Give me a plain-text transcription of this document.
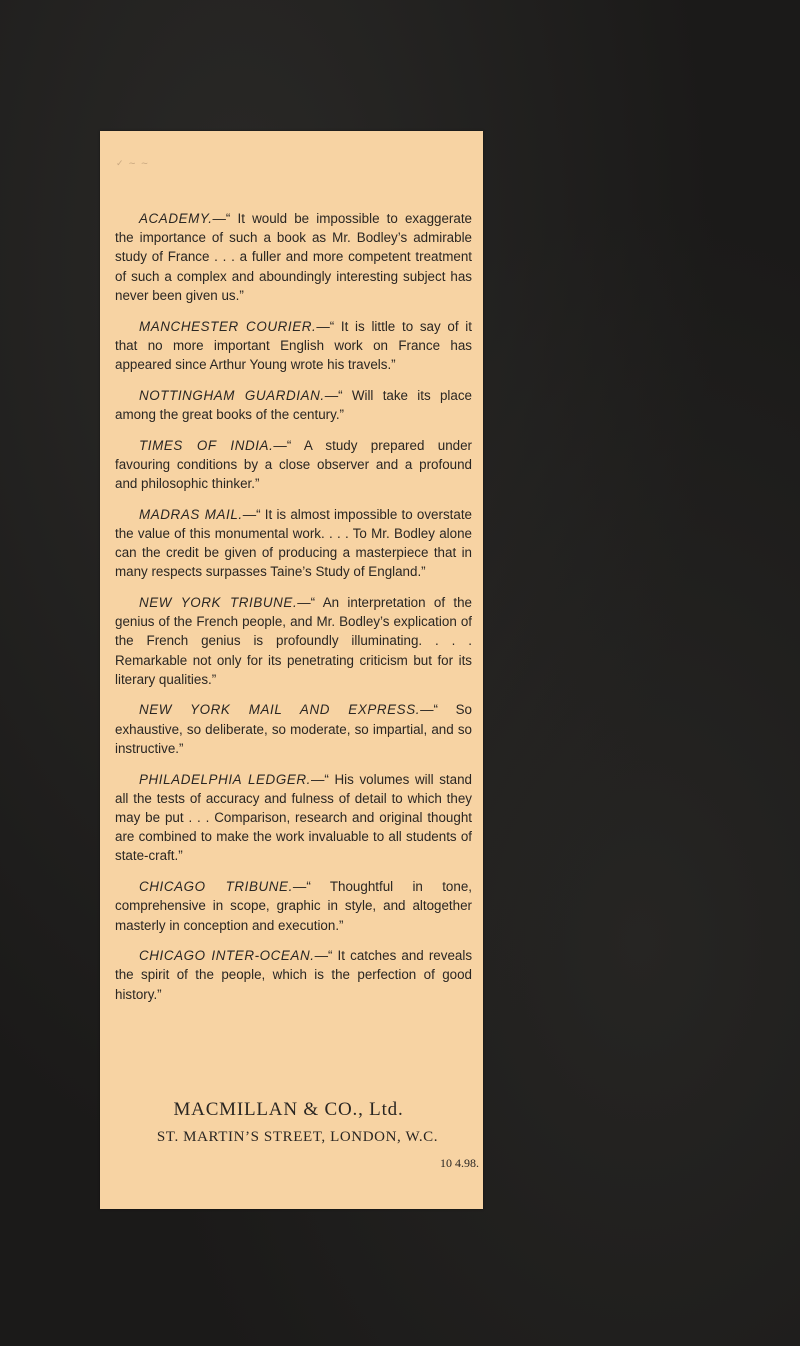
✓ ~ ~

ACADEMY.—“ It would be impossible to exaggerate the importance of such a book as Mr. Bodley’s admirable study of France . . . a fuller and more competent treatment of such a complex and aboundingly interesting subject has never been given us.”

MANCHESTER COURIER.—“ It is little to say of it that no more important English work on France has appeared since Arthur Young wrote his travels.”

NOTTINGHAM GUARDIAN.—“ Will take its place among the great books of the century.”

TIMES OF INDIA.—“ A study prepared under favouring conditions by a close observer and a profound and philosophic thinker.”

MADRAS MAIL.—“ It is almost impossible to overstate the value of this monumental work. . . . To Mr. Bodley alone can the credit be given of producing a masterpiece that in many respects surpasses Taine’s Study of England.”

NEW YORK TRIBUNE.—“ An interpretation of the genius of the French people, and Mr. Bodley’s explication of the French genius is profoundly illuminating. . . . Remarkable not only for its penetrating criticism but for its literary qualities.”

NEW YORK MAIL AND EXPRESS.—“ So exhaustive, so deliberate, so moderate, so impartial, and so instructive.”

PHILADELPHIA LEDGER.—“ His volumes will stand all the tests of accuracy and fulness of detail to which they may be put . . . Comparison, research and original thought are combined to make the work invaluable to all students of state-craft.”

CHICAGO TRIBUNE.—“ Thoughtful in tone, comprehensive in scope, graphic in style, and altogether masterly in conception and execution.”

CHICAGO INTER-OCEAN.—“ It catches and reveals the spirit of the people, which is the perfection of good history.”

MACMILLAN & CO., Ltd.
ST. MARTIN’S STREET, LONDON, W.C.
10 4.98.
